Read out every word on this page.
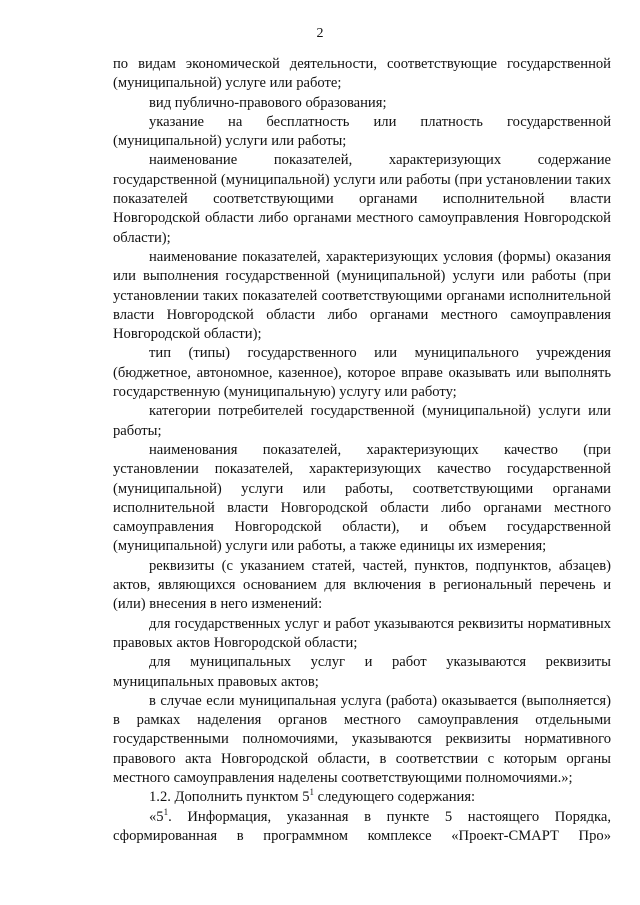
2

по видам экономической деятельности, соответствующие государственной (муниципальной) услуге или работе;

вид публично-правового образования;

указание на бесплатность или платность государственной (муниципальной) услуги или работы;

наименование показателей, характеризующих содержание государственной (муниципальной) услуги или работы (при установлении таких показателей соответствующими органами исполнительной власти Новгородской области либо органами местного самоуправления Новгородской области);

наименование показателей, характеризующих условия (формы) оказания или выполнения государственной (муниципальной) услуги или работы (при установлении таких показателей соответствующими органами исполнительной власти Новгородской области либо органами местного самоуправления Новгородской области);

тип (типы) государственного или муниципального учреждения (бюджетное, автономное, казенное), которое вправе оказывать или выполнять государственную (муниципальную) услугу или работу;

категории потребителей государственной (муниципальной) услуги или работы;

наименования показателей, характеризующих качество (при установлении показателей, характеризующих качество государственной (муниципальной) услуги или работы, соответствующими органами исполнительной власти Новгородской области либо органами местного самоуправления Новгородской области), и объем государственной (муниципальной) услуги или работы, а также единицы их измерения;

реквизиты (с указанием статей, частей, пунктов, подпунктов, абзацев) актов, являющихся основанием для включения в региональный перечень и (или) внесения в него изменений:

для государственных услуг и работ указываются реквизиты нормативных правовых актов Новгородской области;

для муниципальных услуг и работ указываются реквизиты муниципальных правовых актов;

в случае если муниципальная услуга (работа) оказывается (выполняется) в рамках наделения органов местного самоуправления отдельными государственными полномочиями, указываются реквизиты нормативного правового акта Новгородской области, в соответствии с которым органы местного самоуправления наделены соответствующими полномочиями.»;

1.2. Дополнить пунктом $5^1$ следующего содержания:

«$5^1$. Информация, указанная в пункте 5 настоящего Порядка, сформированная в программном комплексе «Проект-СМАРТ Про»
